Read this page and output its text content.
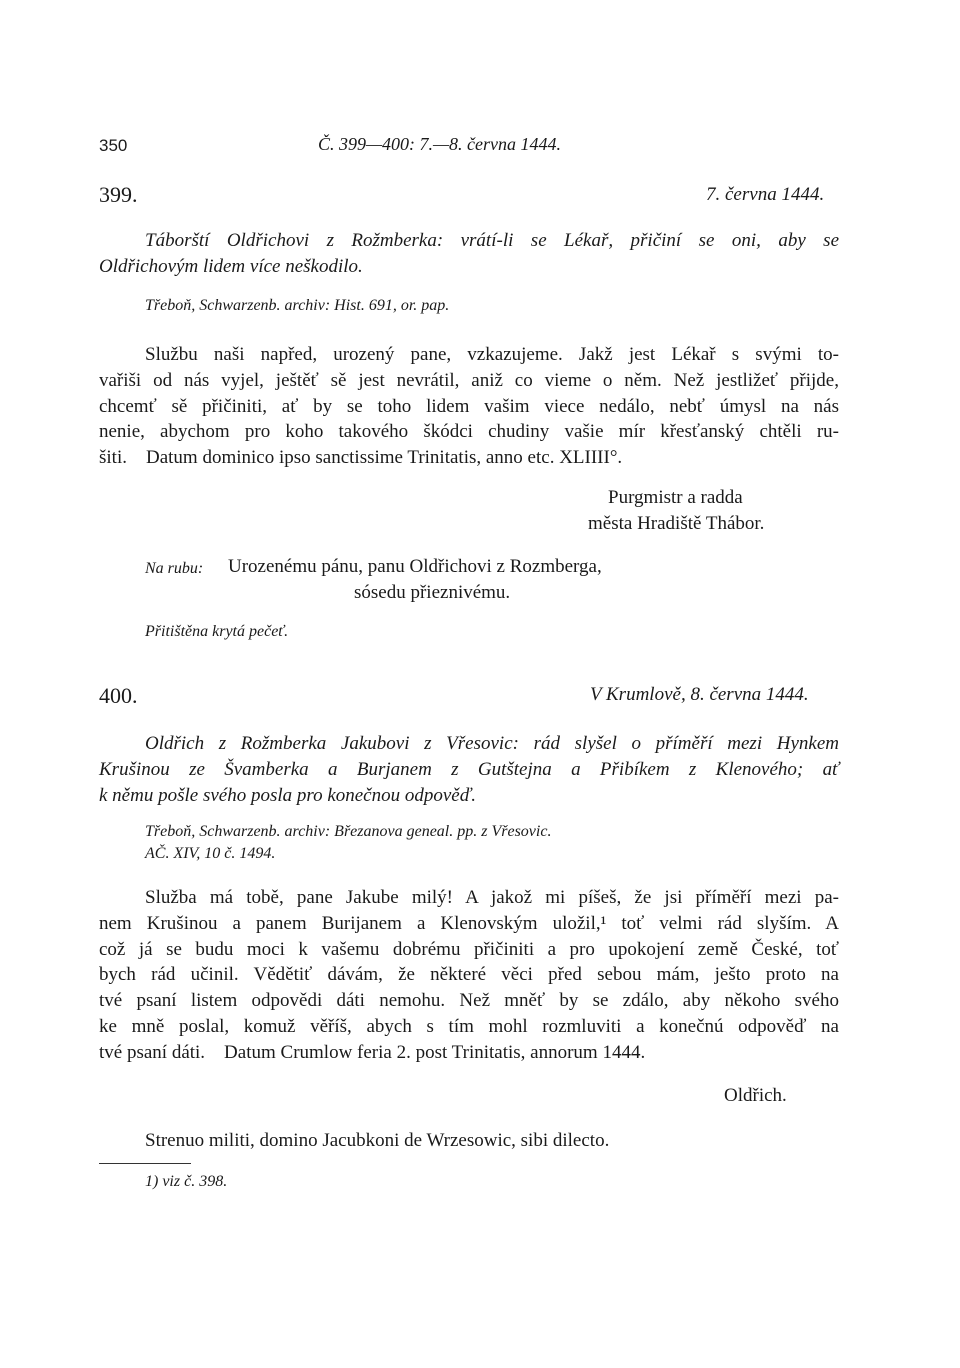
350	Č. 399—400: 7.—8. června 1444.
399.	7. června 1444.
Táborští Oldřichovi z Rožmberka: vrátí-li se Lékař, přičiní se oni, aby se
Oldřichovým lidem více neškodilo.
Třeboň, Schwarzenb. archiv: Hist. 691, or. pap.
Službu naši napřed, urozený pane, vzkazujeme. Jakž jest Lékař s svými to-
vařiši od nás vyjel, ještěť sě jest nevrátil, aniž co vieme o něm. Než jestližeť přijde,
chcemť sě přičiniti, ať by se toho lidem vašim viece nedálo, nebť úmysl na nás
nenie, abychom pro koho takového škódci chudiny vašie mír křesťanský chtěli ru-
šiti.    Datum dominico ipso sanctissime Trinitatis, anno etc. XLIIII°.
Purgmistr a radda
města Hradiště Thábor.
Na rubu: Urozenému pánu, panu Oldřichovi z Rozmberga,
sósedu přieznivému.
Přitištěna krytá pečeť.
400.	V Krumlově, 8. června 1444.
Oldřich z Rožmberka Jakubovi z Vřesovic: rád slyšel o příměří mezi Hynkem
Krušinou ze Švamberka a Burjanem z Gutštejna a Přibíkem z Klenového; ať
k němu pošle svého posla pro konečnou odpověď.
Třeboň, Schwarzenb. archiv: Březanova geneal. pp. z Vřesovic.
AČ. XIV, 10 č. 1494.
Služba má tobě, pane Jakube milý! A jakož mi píšeš, že jsi příměří mezi pa-
nem Krušinou a panem Burijanem a Klenovským uložil,¹ toť velmi rád slyším. A
což já se budu moci k vašemu dobrému přičiniti a pro upokojení země České, toť
bych rád učinil. Vědětiť dávám, že některé věci před sebou mám, ješto proto na
tvé psaní listem odpovědi dáti nemohu. Než mněť by se zdálo, aby někoho svého
ke mně poslal, komuž věříš, abych s tím mohl rozmluviti a konečnú odpověď na
tvé psaní dáti.    Datum Crumlow feria 2. post Trinitatis, annorum 1444.
Oldřich.
Strenuo militi, domino Jacubkoni de Wrzesowic, sibi dilecto.
1) viz č. 398.
